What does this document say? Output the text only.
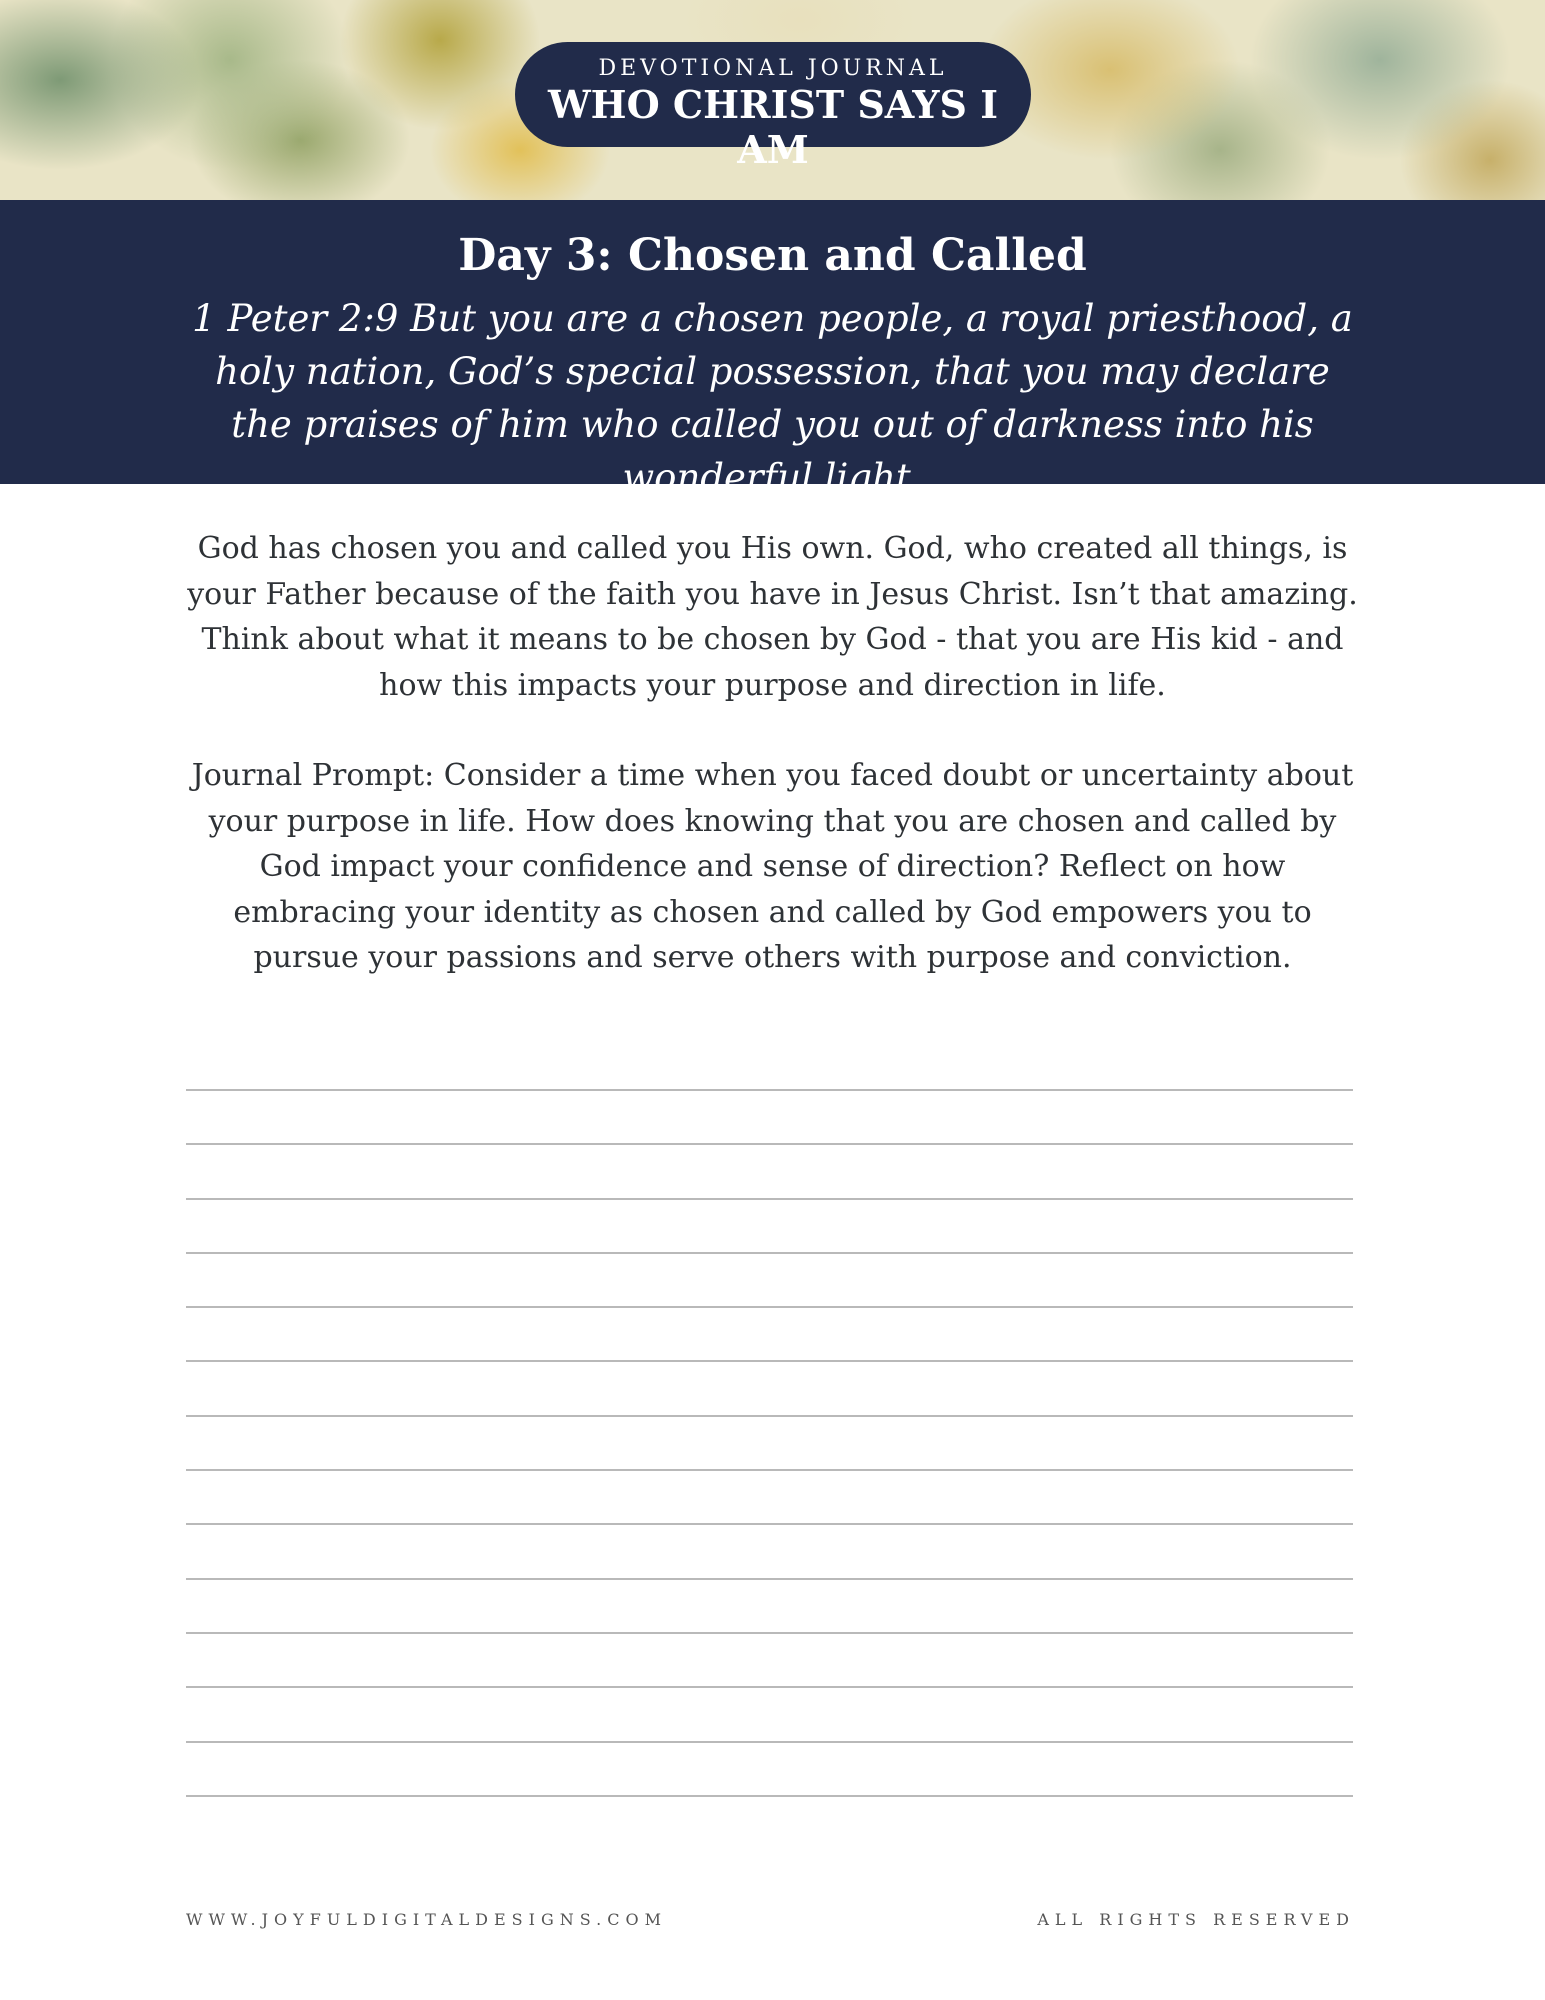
DEVOTIONAL JOURNAL
WHO CHRIST SAYS I AM
Day 3: Chosen and Called
1 Peter 2:9 But you are a chosen people, a royal priesthood, a holy nation, God’s special possession, that you may declare the praises of him who called you out of darkness into his wonderful light.
God has chosen you and called you His own. God, who created all things, is your Father because of the faith you have in Jesus Christ. Isn’t that amazing. Think about what it means to be chosen by God - that you are His kid - and how this impacts your purpose and direction in life.
Journal Prompt: Consider a time when you faced doubt or uncertainty about your purpose in life. How does knowing that you are chosen and called by God impact your confidence and sense of direction? Reflect on how embracing your identity as chosen and called by God empowers you to pursue your passions and serve others with purpose and conviction.
WWW.JOYFULDIGITALDESIGNS.COM	ALL RIGHTS RESERVED
